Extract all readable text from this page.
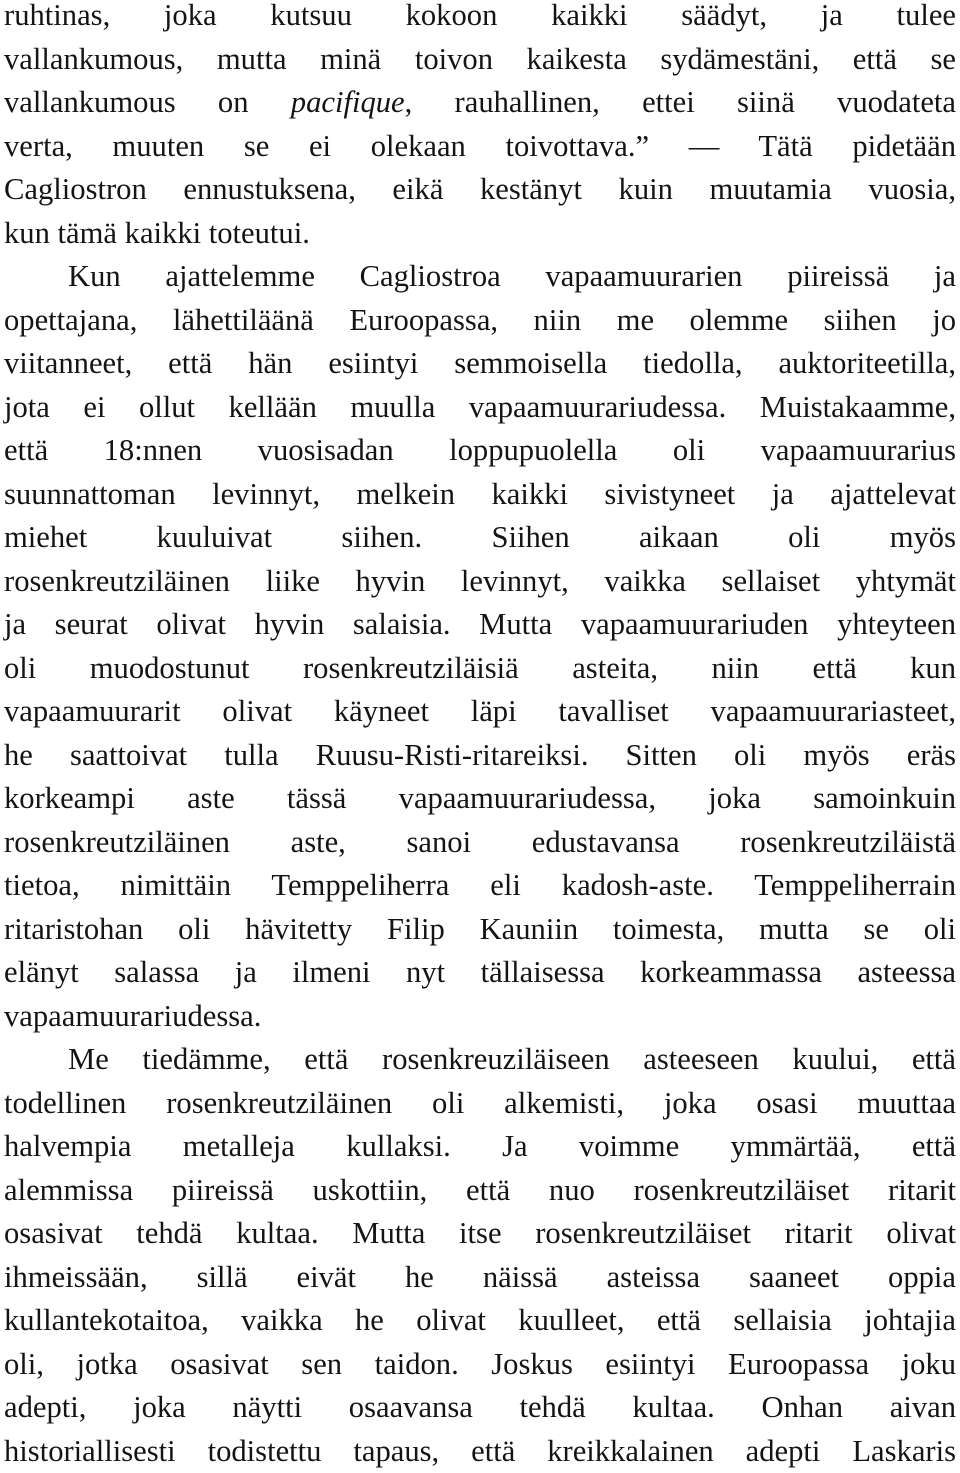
ruhtinas, joka kutsuu kokoon kaikki säädyt, ja tulee
vallankumous, mutta minä toivon kaikesta sydämestäni, että se
vallankumous on pacifique, rauhallinen, ettei siinä vuodateta
verta, muuten se ei olekaan toivottava.” — Tätä pidetään
Cagliostron ennustuksena, eikä kestänyt kuin muutamia vuosia,
kun tämä kaikki toteutui.

Kun ajattelemme Cagliostroa vapaamuurarien piireissä ja
opettajana, lähettiläänä Euroopassa, niin me olemme siihen jo
viitanneet, että hän esiintyi semmoisella tiedolla, auktoriteetilla,
jota ei ollut kellään muulla vapaamuurariudessa. Muistakaamme,
että 18:nnen vuosisadan loppupuolella oli vapaamuurarius
suunnattoman levinnyt, melkein kaikki sivistyneet ja ajattelevat
miehet kuuluivat siihen. Siihen aikaan oli myös
rosenkreutziläinen liike hyvin levinnyt, vaikka sellaiset yhtymät
ja seurat olivat hyvin salaisia. Mutta vapaamuurariuden yhteyteen
oli muodostunut rosenkreutziläisiä asteita, niin että kun
vapaamuurarit olivat käyneet läpi tavalliset vapaamuurariasteet,
he saattoivat tulla Ruusu-Risti-ritareiksi. Sitten oli myös eräs
korkeampi aste tässä vapaamuurariudessa, joka samoinkuin
rosenkreutziläinen aste, sanoi edustavansa rosenkreutziläistä
tietoa, nimittäin Temppeliherra eli kadosh-aste. Temppeliherrain
ritaristohan oli hävitetty Filip Kauniin toimesta, mutta se oli
elänyt salassa ja ilmeni nyt tällaisessa korkeammassa asteessa
vapaamuurariudessa.

Me tiedämme, että rosenkreuziläiseen asteeseen kuului, että
todellinen rosenkreutziläinen oli alkemisti, joka osasi muuttaa
halvempia metalleja kullaksi. Ja voimme ymmärtää, että
alemmissa piireissä uskottiin, että nuo rosenkreutziläiset ritarit
osasivat tehdä kultaa. Mutta itse rosenkreutziläiset ritarit olivat
ihmeissään, sillä eivät he näissä asteissa saaneet oppia
kullantekotaitoa, vaikka he olivat kuulleet, että sellaisia johtajia
oli, jotka osasivat sen taidon. Joskus esiintyi Euroopassa joku
adepti, joka näytti osaavansa tehdä kultaa. Onhan aivan
historiallisesti todistettu tapaus, että kreikkalainen adepti Laskaris
